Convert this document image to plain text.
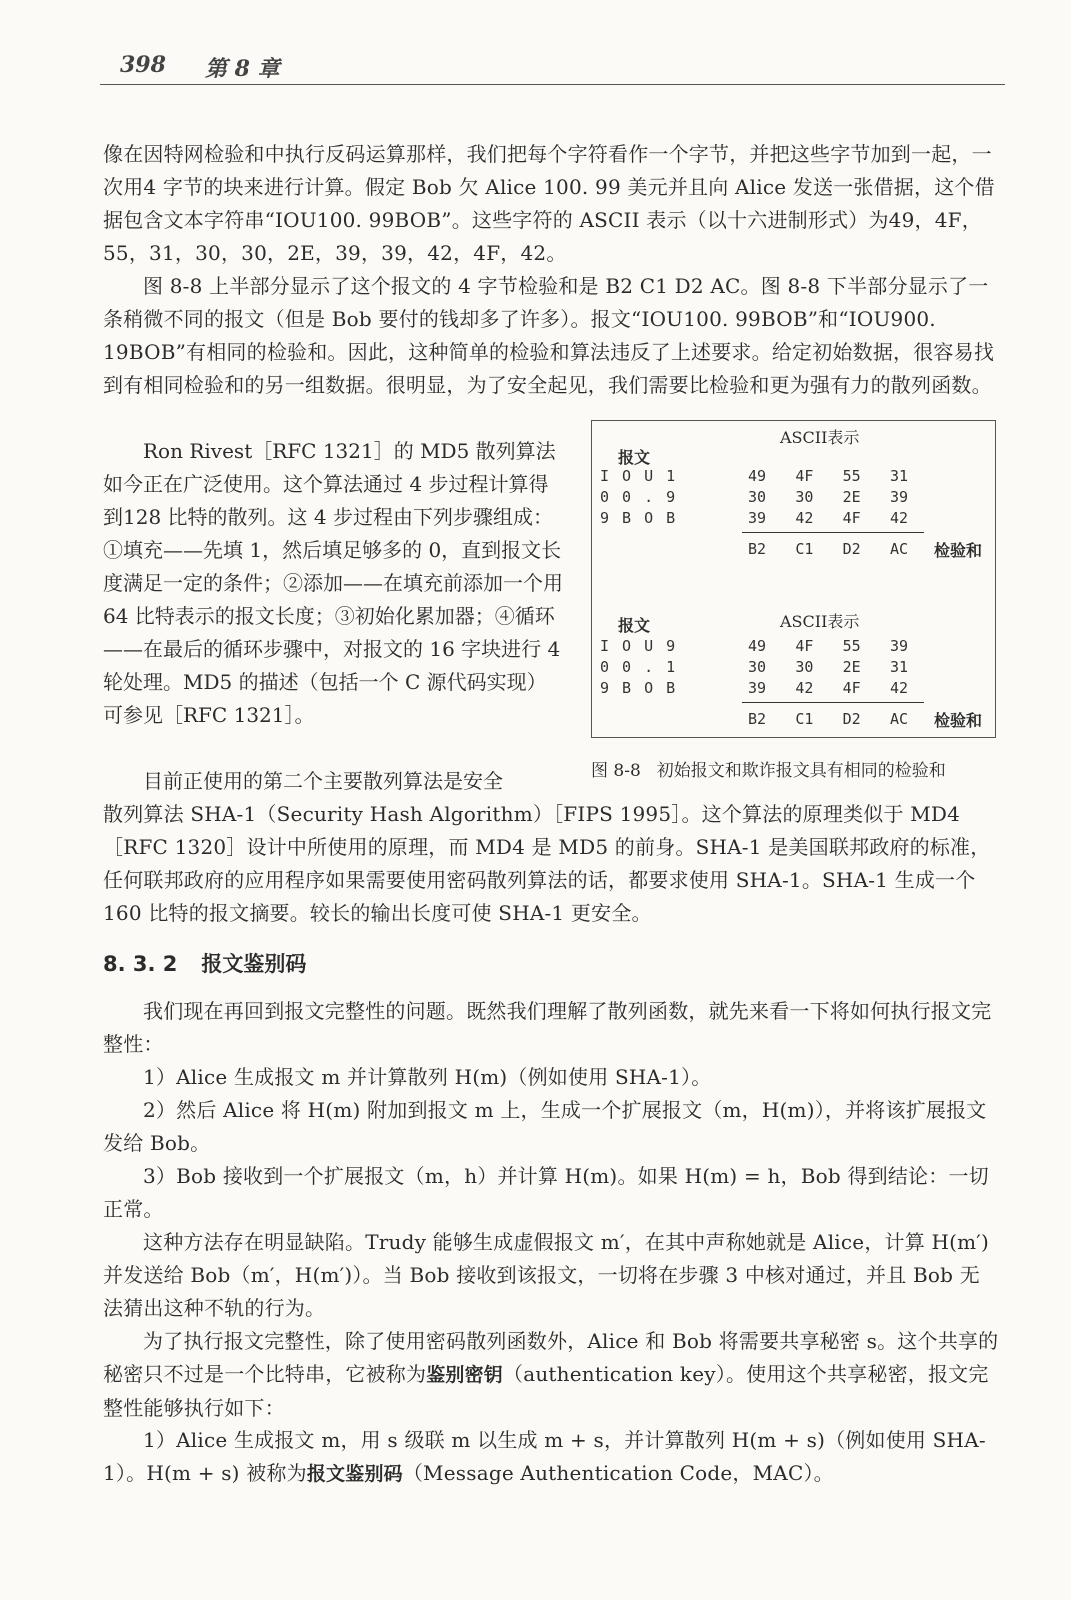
398 第 8 章

像在因特网检验和中执行反码运算那样，我们把每个字符看作一个字节，并把这些字节加到一起，一次用4 字节的块来进行计算。假定 Bob 欠 Alice 100. 99 美元并且向 Alice 发送一张借据，这个借据包含文本字符串“IOU100. 99BOB”。这些字符的 ASCII 表示（以十六进制形式）为49，4F，55，31，30，30，2E，39，39，42，4F，42。

图 8-8 上半部分显示了这个报文的 4 字节检验和是 B2 C1 D2 AC。图 8-8 下半部分显示了一条稍微不同的报文（但是 Bob 要付的钱却多了许多）。报文“IOU100. 99BOB”和“IOU900. 19BOB”有相同的检验和。因此，这种简单的检验和算法违反了上述要求。给定初始数据，很容易找到有相同检验和的另一组数据。很明显，为了安全起见，我们需要比检验和更为强有力的散列函数。

Ron Rivest［RFC 1321］的 MD5 散列算法如今正在广泛使用。这个算法通过 4 步过程计算得到128 比特的散列。这 4 步过程由下列步骤组成：①填充——先填 1，然后填足够多的 0，直到报文长度满足一定的条件；②添加——在填充前添加一个用 64 比特表示的报文长度；③初始化累加器；④循环——在最后的循环步骤中，对报文的 16 字块进行 4 轮处理。MD5 的描述（包括一个 C 源代码实现）可参见［RFC 1321］。

目前正使用的第二个主要散列算法是安全

散列算法 SHA-1（Security Hash Algorithm）［FIPS 1995］。这个算法的原理类似于 MD4［RFC 1320］设计中所使用的原理，而 MD4 是 MD5 的前身。SHA-1 是美国联邦政府的标准，任何联邦政府的应用程序如果需要使用密码散列算法的话，都要求使用 SHA-1。SHA-1 生成一个 160 比特的报文摘要。较长的输出长度可使 SHA-1 更安全。

8. 3. 2 报文鉴别码

我们现在再回到报文完整性的问题。既然我们理解了散列函数，就先来看一下将如何执行报文完整性：

1）Alice 生成报文 m 并计算散列 H(m)（例如使用 SHA-1）。

2）然后 Alice 将 H(m) 附加到报文 m 上，生成一个扩展报文（m，H(m)），并将该扩展报文发给 Bob。

3）Bob 接收到一个扩展报文（m，h）并计算 H(m)。如果 H(m) = h，Bob 得到结论：一切正常。

这种方法存在明显缺陷。Trudy 能够生成虚假报文 m′，在其中声称她就是 Alice，计算 H(m′) 并发送给 Bob（m′，H(m′)）。当 Bob 接收到该报文，一切将在步骤 3 中核对通过，并且 Bob 无法猜出这种不轨的行为。

为了执行报文完整性，除了使用密码散列函数外，Alice 和 Bob 将需要共享秘密 s。这个共享的秘密只不过是一个比特串，它被称为鉴别密钥（authentication key）。使用这个共享秘密，报文完整性能够执行如下：

1）Alice 生成报文 m，用 s 级联 m 以生成 m + s，并计算散列 H(m + s)（例如使用 SHA-1）。H(m + s) 被称为报文鉴别码（Message Authentication Code，MAC）。

ASCII表示
报文
I O U 1
0 0 . 9
9 B O B
49 4F 55 31
30 30 2E 39
39 42 4F 42
B2 C1 D2 AC 检验和
报文	ASCII表示
I O U 9
0 0 . 1
9 B O B
49 4F 55 39
30 30 2E 31
39 42 4F 42
B2 C1 D2 AC 检验和
图 8-8 初始报文和欺诈报文具有相同的检验和
